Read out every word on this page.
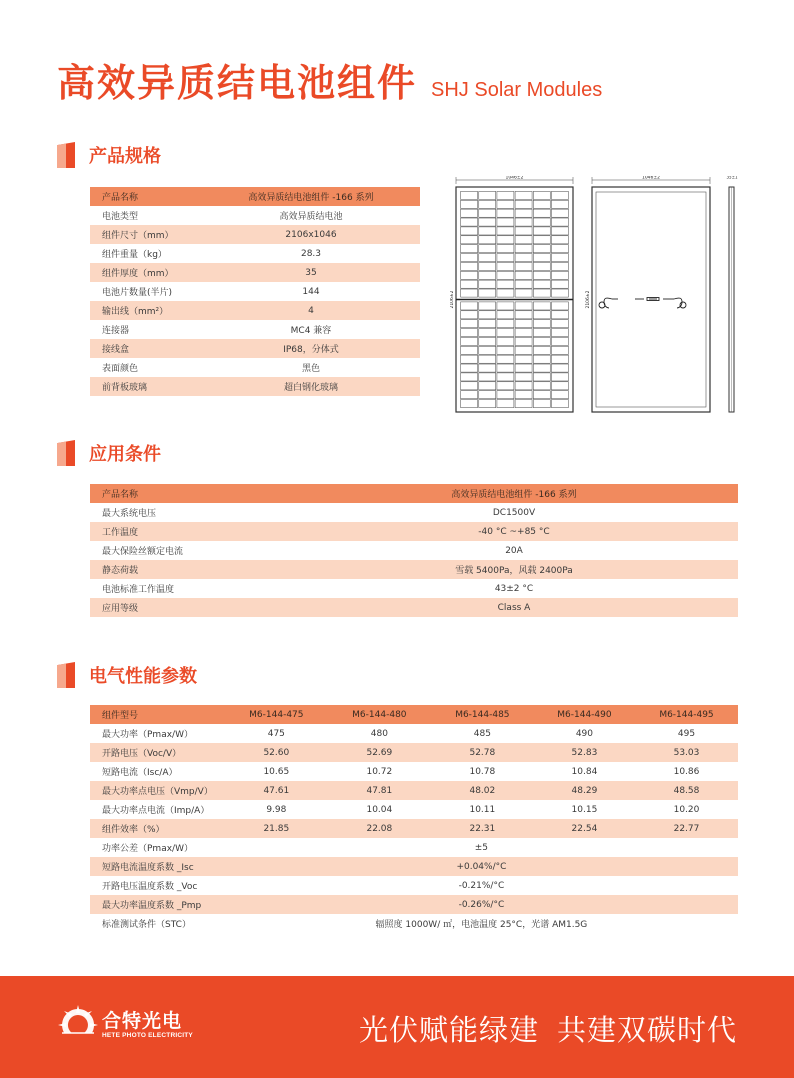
高效异质结电池组件 SHJ Solar Modules
产品规格
产品名称	高效异质结电池组件 -166 系列
电池类型	高效异质结电池
组件尺寸（mm）	2106x1046
组件重量（kg）	28.3
组件厚度（mm）	35
电池片数量(半片)	144
输出线（mm²）	4
连接器	MC4 兼容
接线盒	IP68，分体式
表面颜色	黑色
前背板玻璃	超白钢化玻璃
1046±2
2106±2
1046±2
2106±2
35±1
应用条件
产品名称	高效异质结电池组件 -166 系列
最大系统电压	DC1500V
工作温度	-40 °C ~+85 °C
最大保险丝额定电流	20A
静态荷载	雪载 5400Pa，风载 2400Pa
电池标准工作温度	43±2 °C
应用等级	Class A
电气性能参数
组件型号	M6-144-475	M6-144-480	M6-144-485	M6-144-490	M6-144-495
最大功率（Pmax/W）	475	480	485	490	495
开路电压（Voc/V）	52.60	52.69	52.78	52.83	53.03
短路电流（Isc/A）	10.65	10.72	10.78	10.84	10.86
最大功率点电压（Vmp/V）	47.61	47.81	48.02	48.29	48.58
最大功率点电流（Imp/A）	9.98	10.04	10.11	10.15	10.20
组件效率（%）	21.85	22.08	22.31	22.54	22.77
功率公差（Pmax/W）	±5				
短路电流温度系数 _Isc	+0.04%/°C				
开路电压温度系数 _Voc	-0.21%/°C				
最大功率温度系数 _Pmp	-0.26%/°C				
标准测试条件（STC）	辐照度 1000W/ ㎡，电池温度 25°C，光谱 AM1.5G				
合特光电
HETE PHOTO ELECTRICITY	光伏赋能绿建 共建双碳时代
